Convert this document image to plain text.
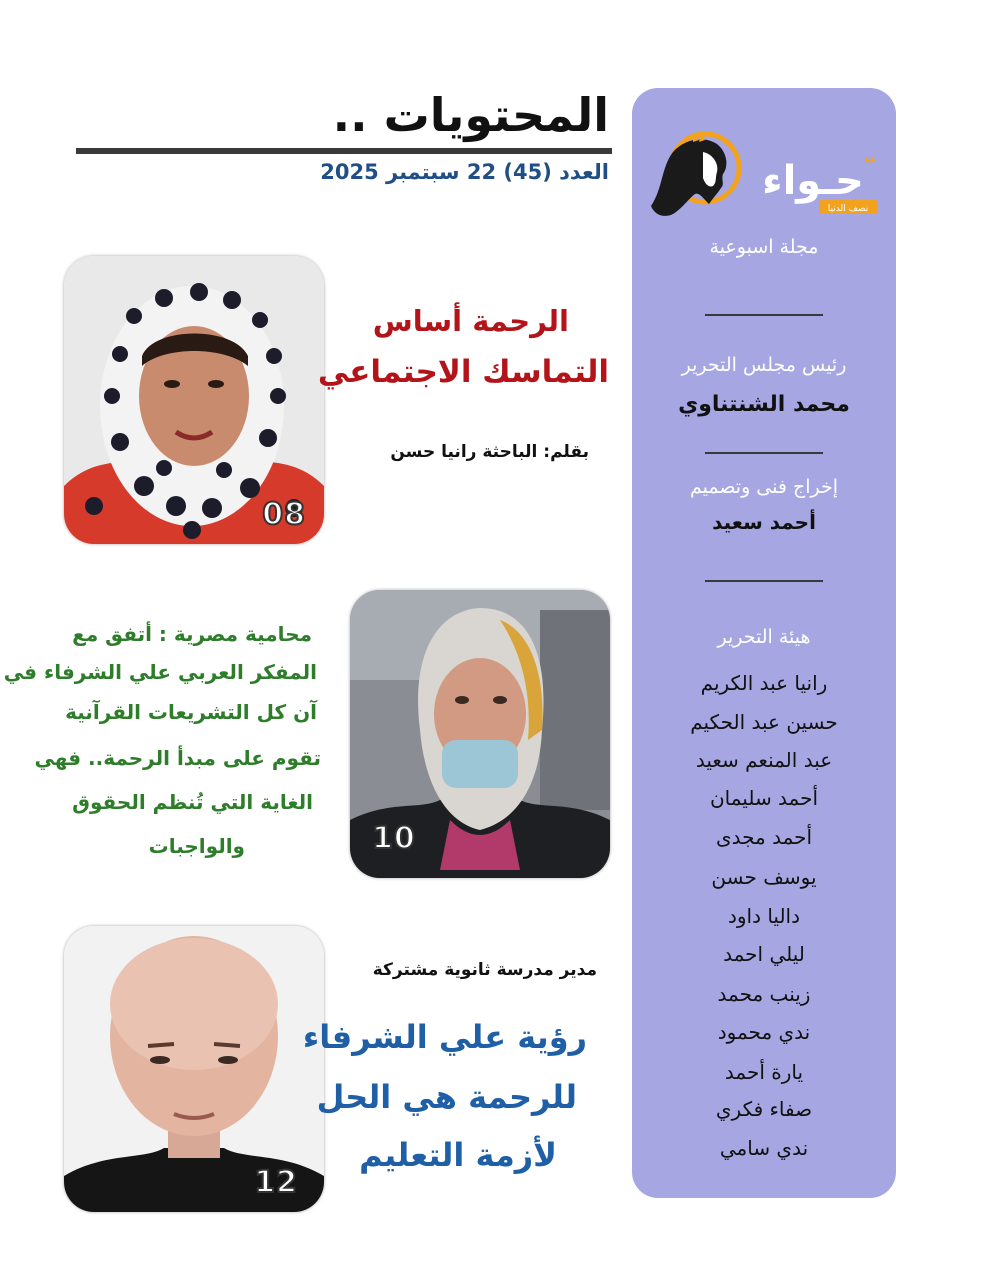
المحتويات ..
العدد (45) 22 سبتمبر 2025
نصف الدنيا
حـواء
مجلة اسبوعية
رئيس مجلس التحرير
محمد الشنتناوي
إخراج فنى وتصميم
أحمد سعيد
هيئة التحرير
رانيا عبد الكريم
حسين عبد الحكيم
عبد المنعم سعيد
أحمد سليمان
أحمد مجدى
يوسف حسن
داليا داود
ليلي احمد
زينب محمد
ندي محمود
يارة أحمد
صفاء فكري
ندي سامي
08
الرحمة أساس
التماسك الاجتماعي
بقلم: الباحثة رانيا حسن
10
محامية مصرية : أتفق مع
المفكر العربي علي الشرفاء في
آن كل التشريعات القرآنية
تقوم على مبدأ الرحمة.. فهي
الغاية التي تُنظم الحقوق
والواجبات
12
مدير مدرسة ثانوية مشتركة
رؤية علي الشرفاء
للرحمة هي الحل
لأزمة التعليم
